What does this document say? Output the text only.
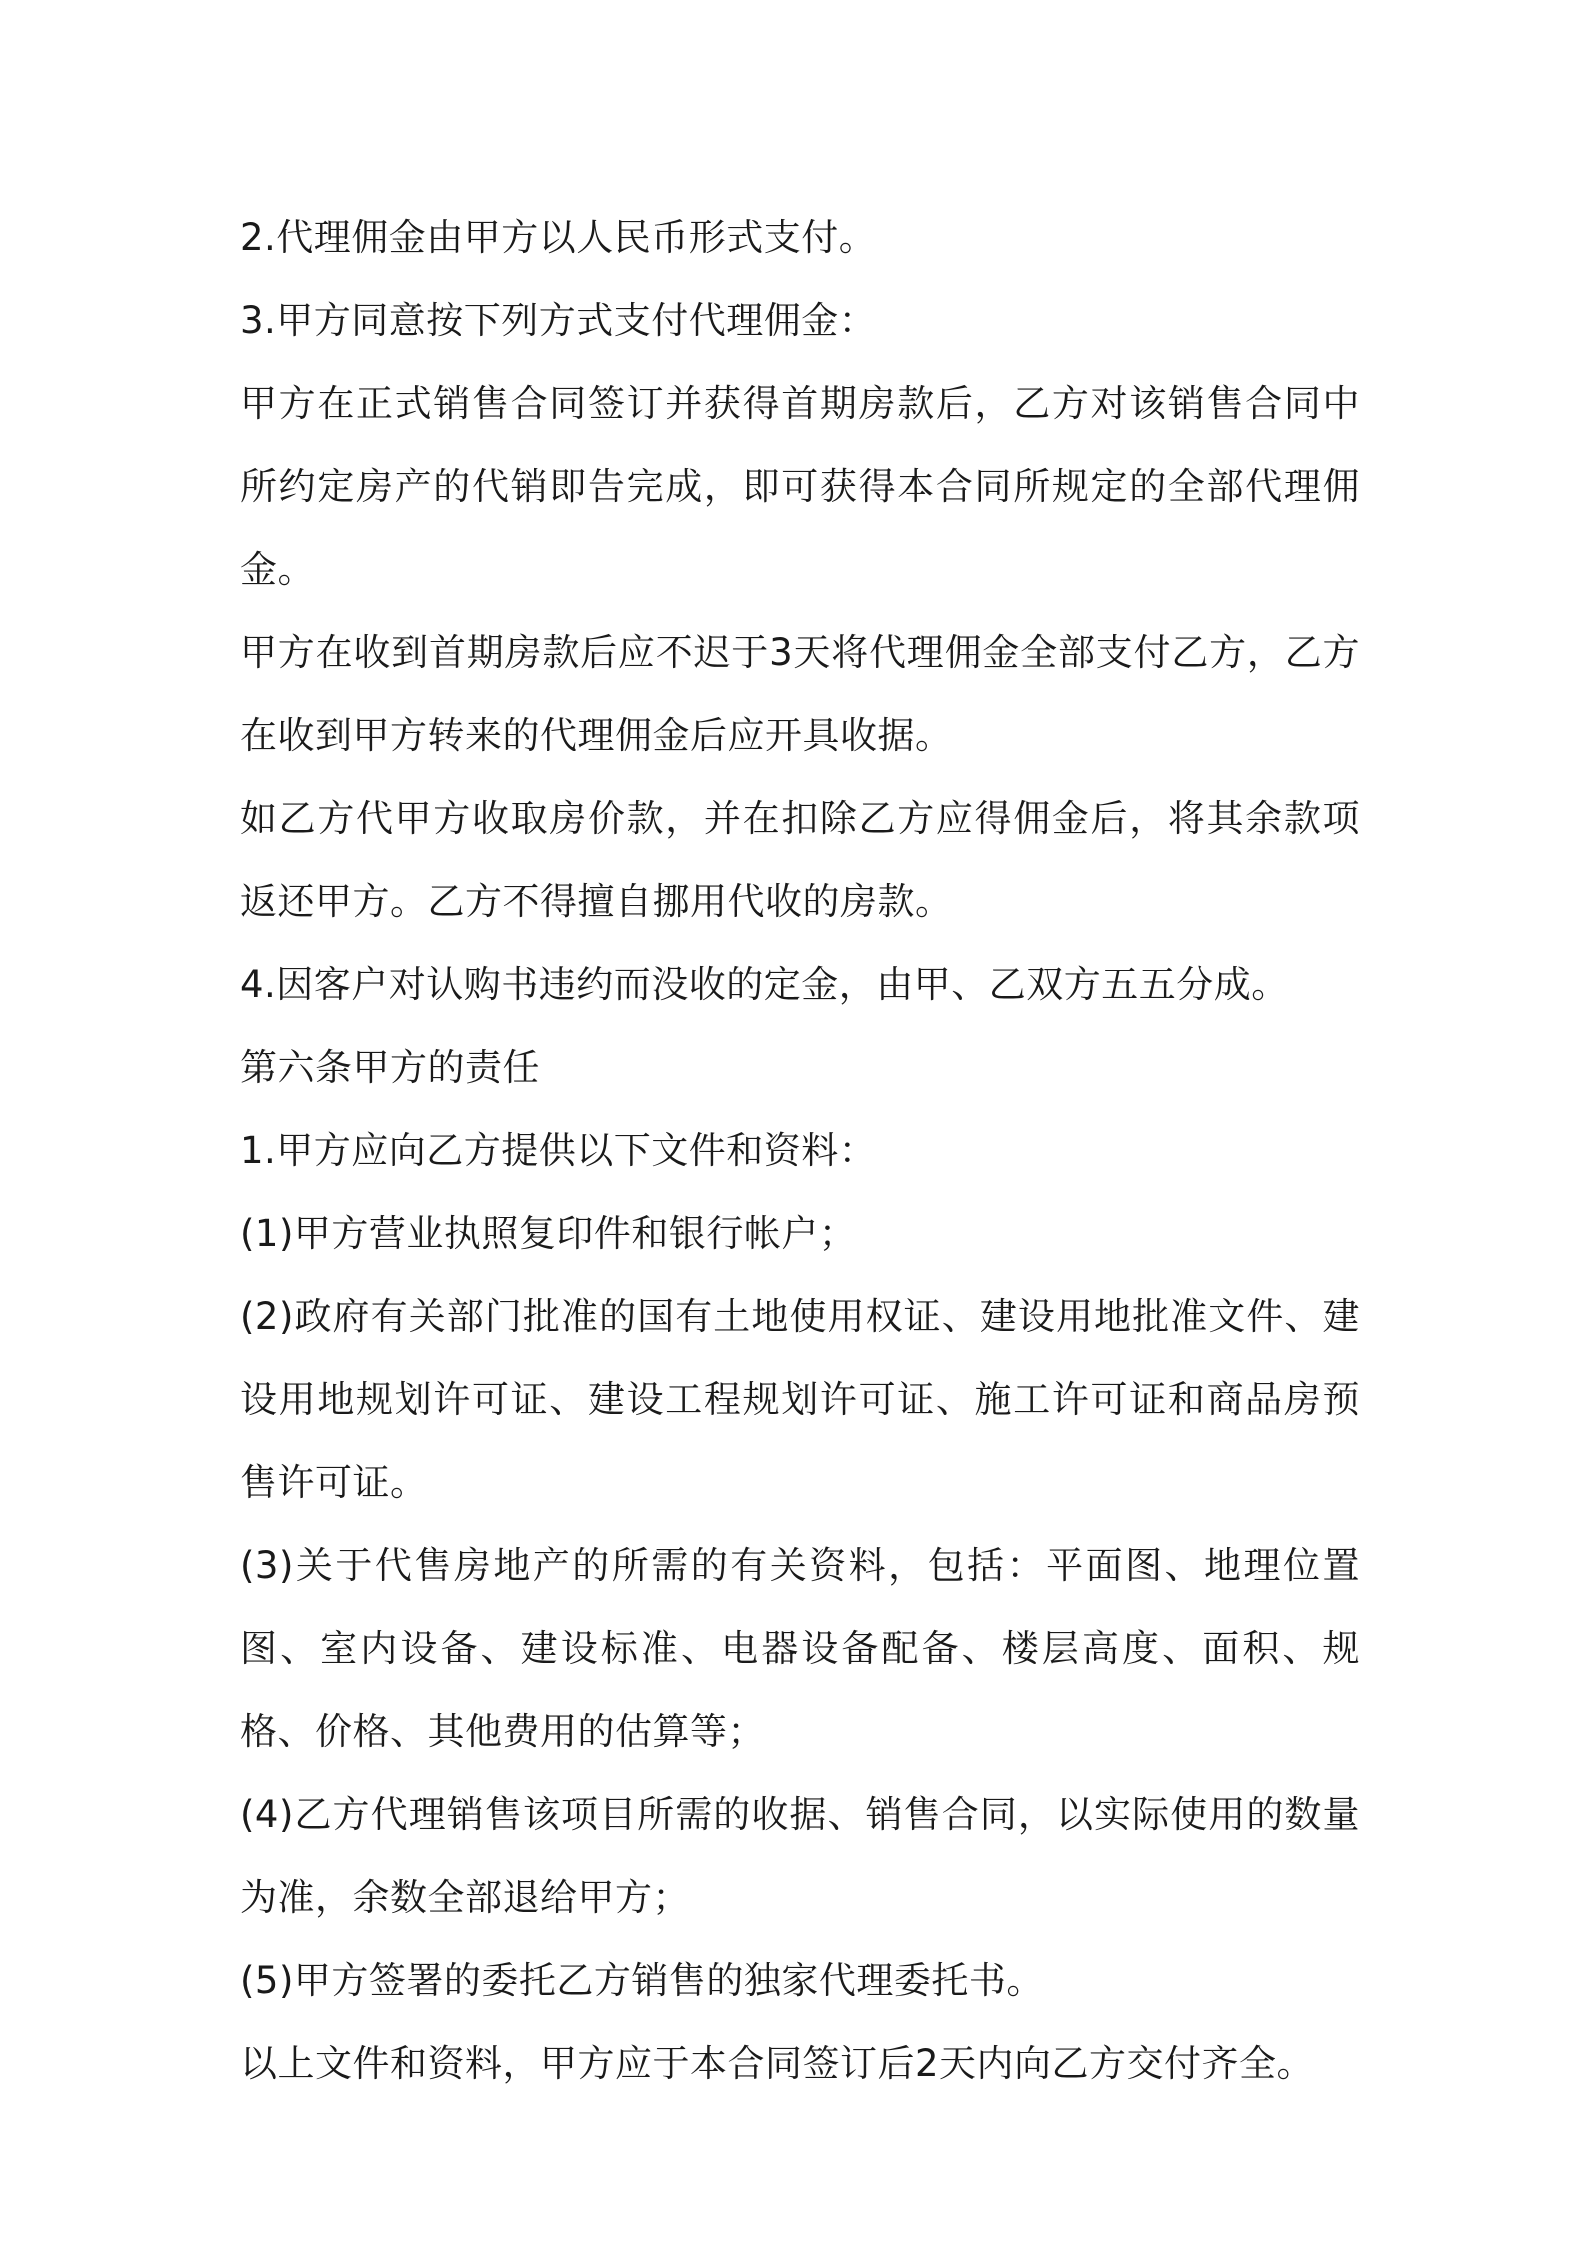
2.代理佣金由甲方以人民币形式支付。

3.甲方同意按下列方式支付代理佣金：

甲方在正式销售合同签订并获得首期房款后，乙方对该销售合同中所约定房产的代销即告完成，即可获得本合同所规定的全部代理佣金。

甲方在收到首期房款后应不迟于3天将代理佣金全部支付乙方，乙方在收到甲方转来的代理佣金后应开具收据。

如乙方代甲方收取房价款，并在扣除乙方应得佣金后，将其余款项返还甲方。乙方不得擅自挪用代收的房款。

4.因客户对认购书违约而没收的定金，由甲、乙双方五五分成。

第六条甲方的责任

1.甲方应向乙方提供以下文件和资料：

(1)甲方营业执照复印件和银行帐户；

(2)政府有关部门批准的国有土地使用权证、建设用地批准文件、建设用地规划许可证、建设工程规划许可证、施工许可证和商品房预售许可证。

(3)关于代售房地产的所需的有关资料，包括：平面图、地理位置图、室内设备、建设标准、电器设备配备、楼层高度、面积、规格、价格、其他费用的估算等；

(4)乙方代理销售该项目所需的收据、销售合同，以实际使用的数量为准，余数全部退给甲方；

(5)甲方签署的委托乙方销售的独家代理委托书。

以上文件和资料，甲方应于本合同签订后2天内向乙方交付齐全。
